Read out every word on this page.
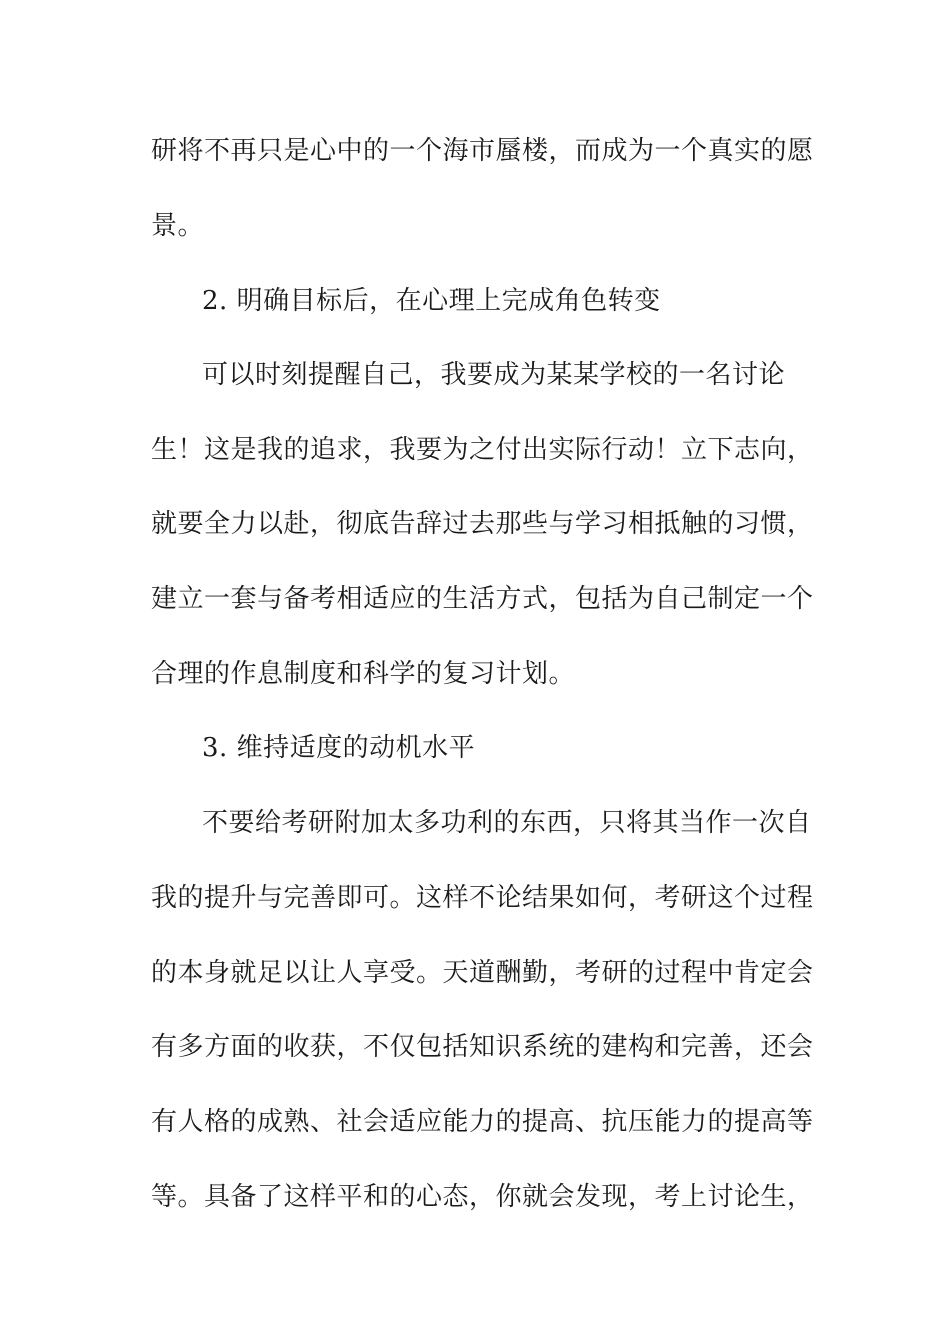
研将不再只是心中的一个海市蜃楼，而成为一个真实的愿
景。
2. 明确目标后，在心理上完成角色转变
可以时刻提醒自己，我要成为某某学校的一名讨论
生！这是我的追求，我要为之付出实际行动！立下志向，
就要全力以赴，彻底告辞过去那些与学习相抵触的习惯，
建立一套与备考相适应的生活方式，包括为自己制定一个
合理的作息制度和科学的复习计划。
3. 维持适度的动机水平
不要给考研附加太多功利的东西，只将其当作一次自
我的提升与完善即可。这样不论结果如何，考研这个过程
的本身就足以让人享受。天道酬勤，考研的过程中肯定会
有多方面的收获，不仅包括知识系统的建构和完善，还会
有人格的成熟、社会适应能力的提高、抗压能力的提高等
等。具备了这样平和的心态，你就会发现，考上讨论生，
